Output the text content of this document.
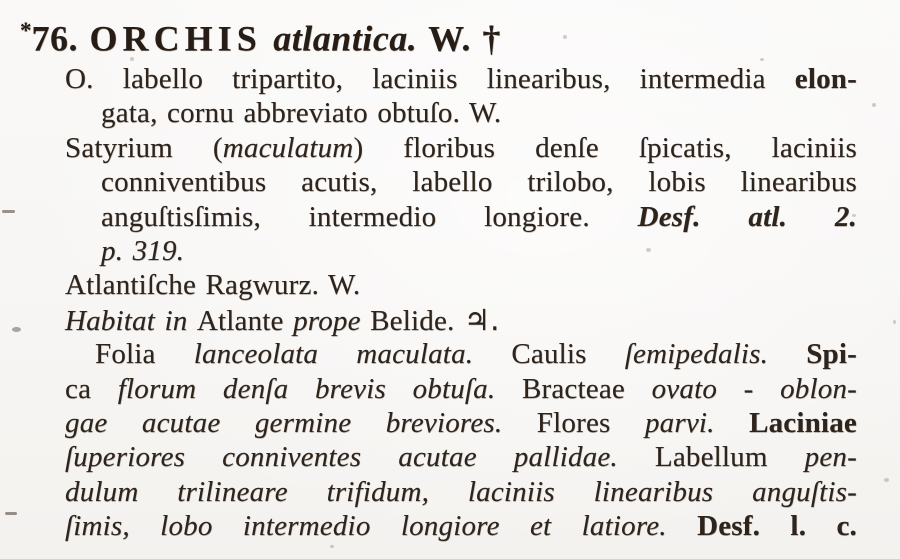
*76. ORCHIS atlantica. W. †

O. labello tripartito, laciniis linearibus, intermedia elon-

gata, cornu abbreviato obtuſo. W.

Satyrium (maculatum) floribus denſe ſpicatis, laciniis

conniventibus acutis, labello trilobo, lobis linearibus

anguſtisſimis, intermedio longiore. Desf. atl. 2.

p. 319.

Atlantiſche Ragwurz. W.

Habitat in Atlante prope Belide. ♃.

Folia lanceolata maculata. Caulis ſemipedalis. Spi-

ca florum denſa brevis obtuſa. Bracteae ovato - oblon-

gae acutae germine breviores. Flores parvi. Laciniae

ſuperiores conniventes acutae pallidae. Labellum pen-

dulum trilineare trifidum, laciniis linearibus anguſtis-

ſimis, lobo intermedio longiore et latiore. Desf. l. c.
